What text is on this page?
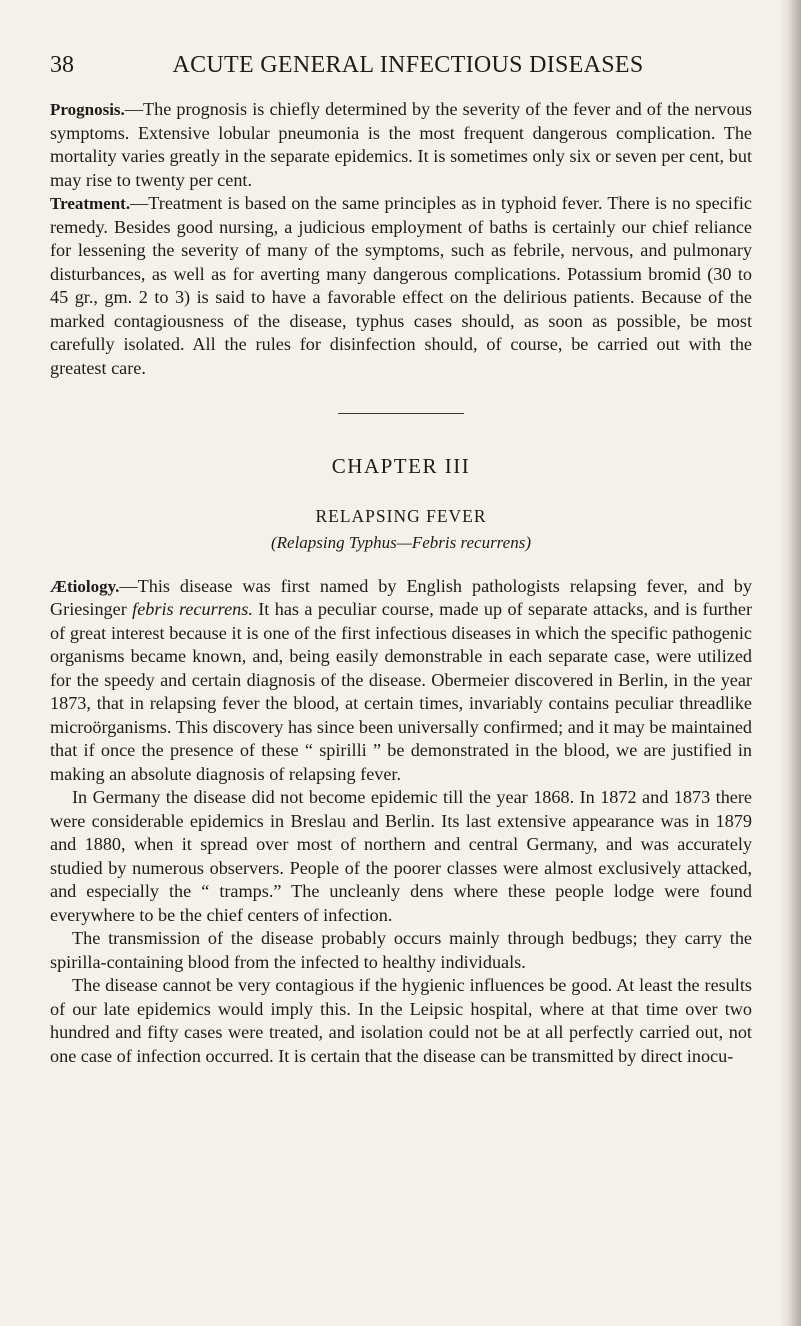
38	ACUTE GENERAL INFECTIOUS DISEASES

Prognosis.—The prognosis is chiefly determined by the severity of the fever and of the nervous symptoms. Extensive lobular pneumonia is the most frequent dangerous complication. The mortality varies greatly in the separate epidemics. It is sometimes only six or seven per cent, but may rise to twenty per cent.

Treatment.—Treatment is based on the same principles as in typhoid fever. There is no specific remedy. Besides good nursing, a judicious employment of baths is certainly our chief reliance for lessening the severity of many of the symptoms, such as febrile, nervous, and pulmonary disturbances, as well as for averting many dangerous complications. Potassium bromid (30 to 45 gr., gm. 2 to 3) is said to have a favorable effect on the delirious patients. Because of the marked contagiousness of the disease, typhus cases should, as soon as possible, be most carefully isolated. All the rules for disinfection should, of course, be carried out with the greatest care.

CHAPTER III
RELAPSING FEVER
(Relapsing Typhus—Febris recurrens)

Ætiology.—This disease was first named by English pathologists relapsing fever, and by Griesinger febris recurrens. It has a peculiar course, made up of separate attacks, and is further of great interest because it is one of the first infectious diseases in which the specific pathogenic organisms became known, and, being easily demonstrable in each separate case, were utilized for the speedy and certain diagnosis of the disease. Obermeier discovered in Berlin, in the year 1873, that in relapsing fever the blood, at certain times, invariably contains peculiar threadlike microörganisms. This discovery has since been universally confirmed; and it may be maintained that if once the presence of these “ spirilli ” be demonstrated in the blood, we are justified in making an absolute diagnosis of relapsing fever.

In Germany the disease did not become epidemic till the year 1868. In 1872 and 1873 there were considerable epidemics in Breslau and Berlin. Its last extensive appearance was in 1879 and 1880, when it spread over most of northern and central Germany, and was accurately studied by numerous observers. People of the poorer classes were almost exclusively attacked, and especially the “ tramps.” The uncleanly dens where these people lodge were found everywhere to be the chief centers of infection.

The transmission of the disease probably occurs mainly through bedbugs; they carry the spirilla-containing blood from the infected to healthy individuals.

The disease cannot be very contagious if the hygienic influences be good. At least the results of our late epidemics would imply this. In the Leipsic hospital, where at that time over two hundred and fifty cases were treated, and isolation could not be at all perfectly carried out, not one case of infection occurred. It is certain that the disease can be transmitted by direct inocu-
